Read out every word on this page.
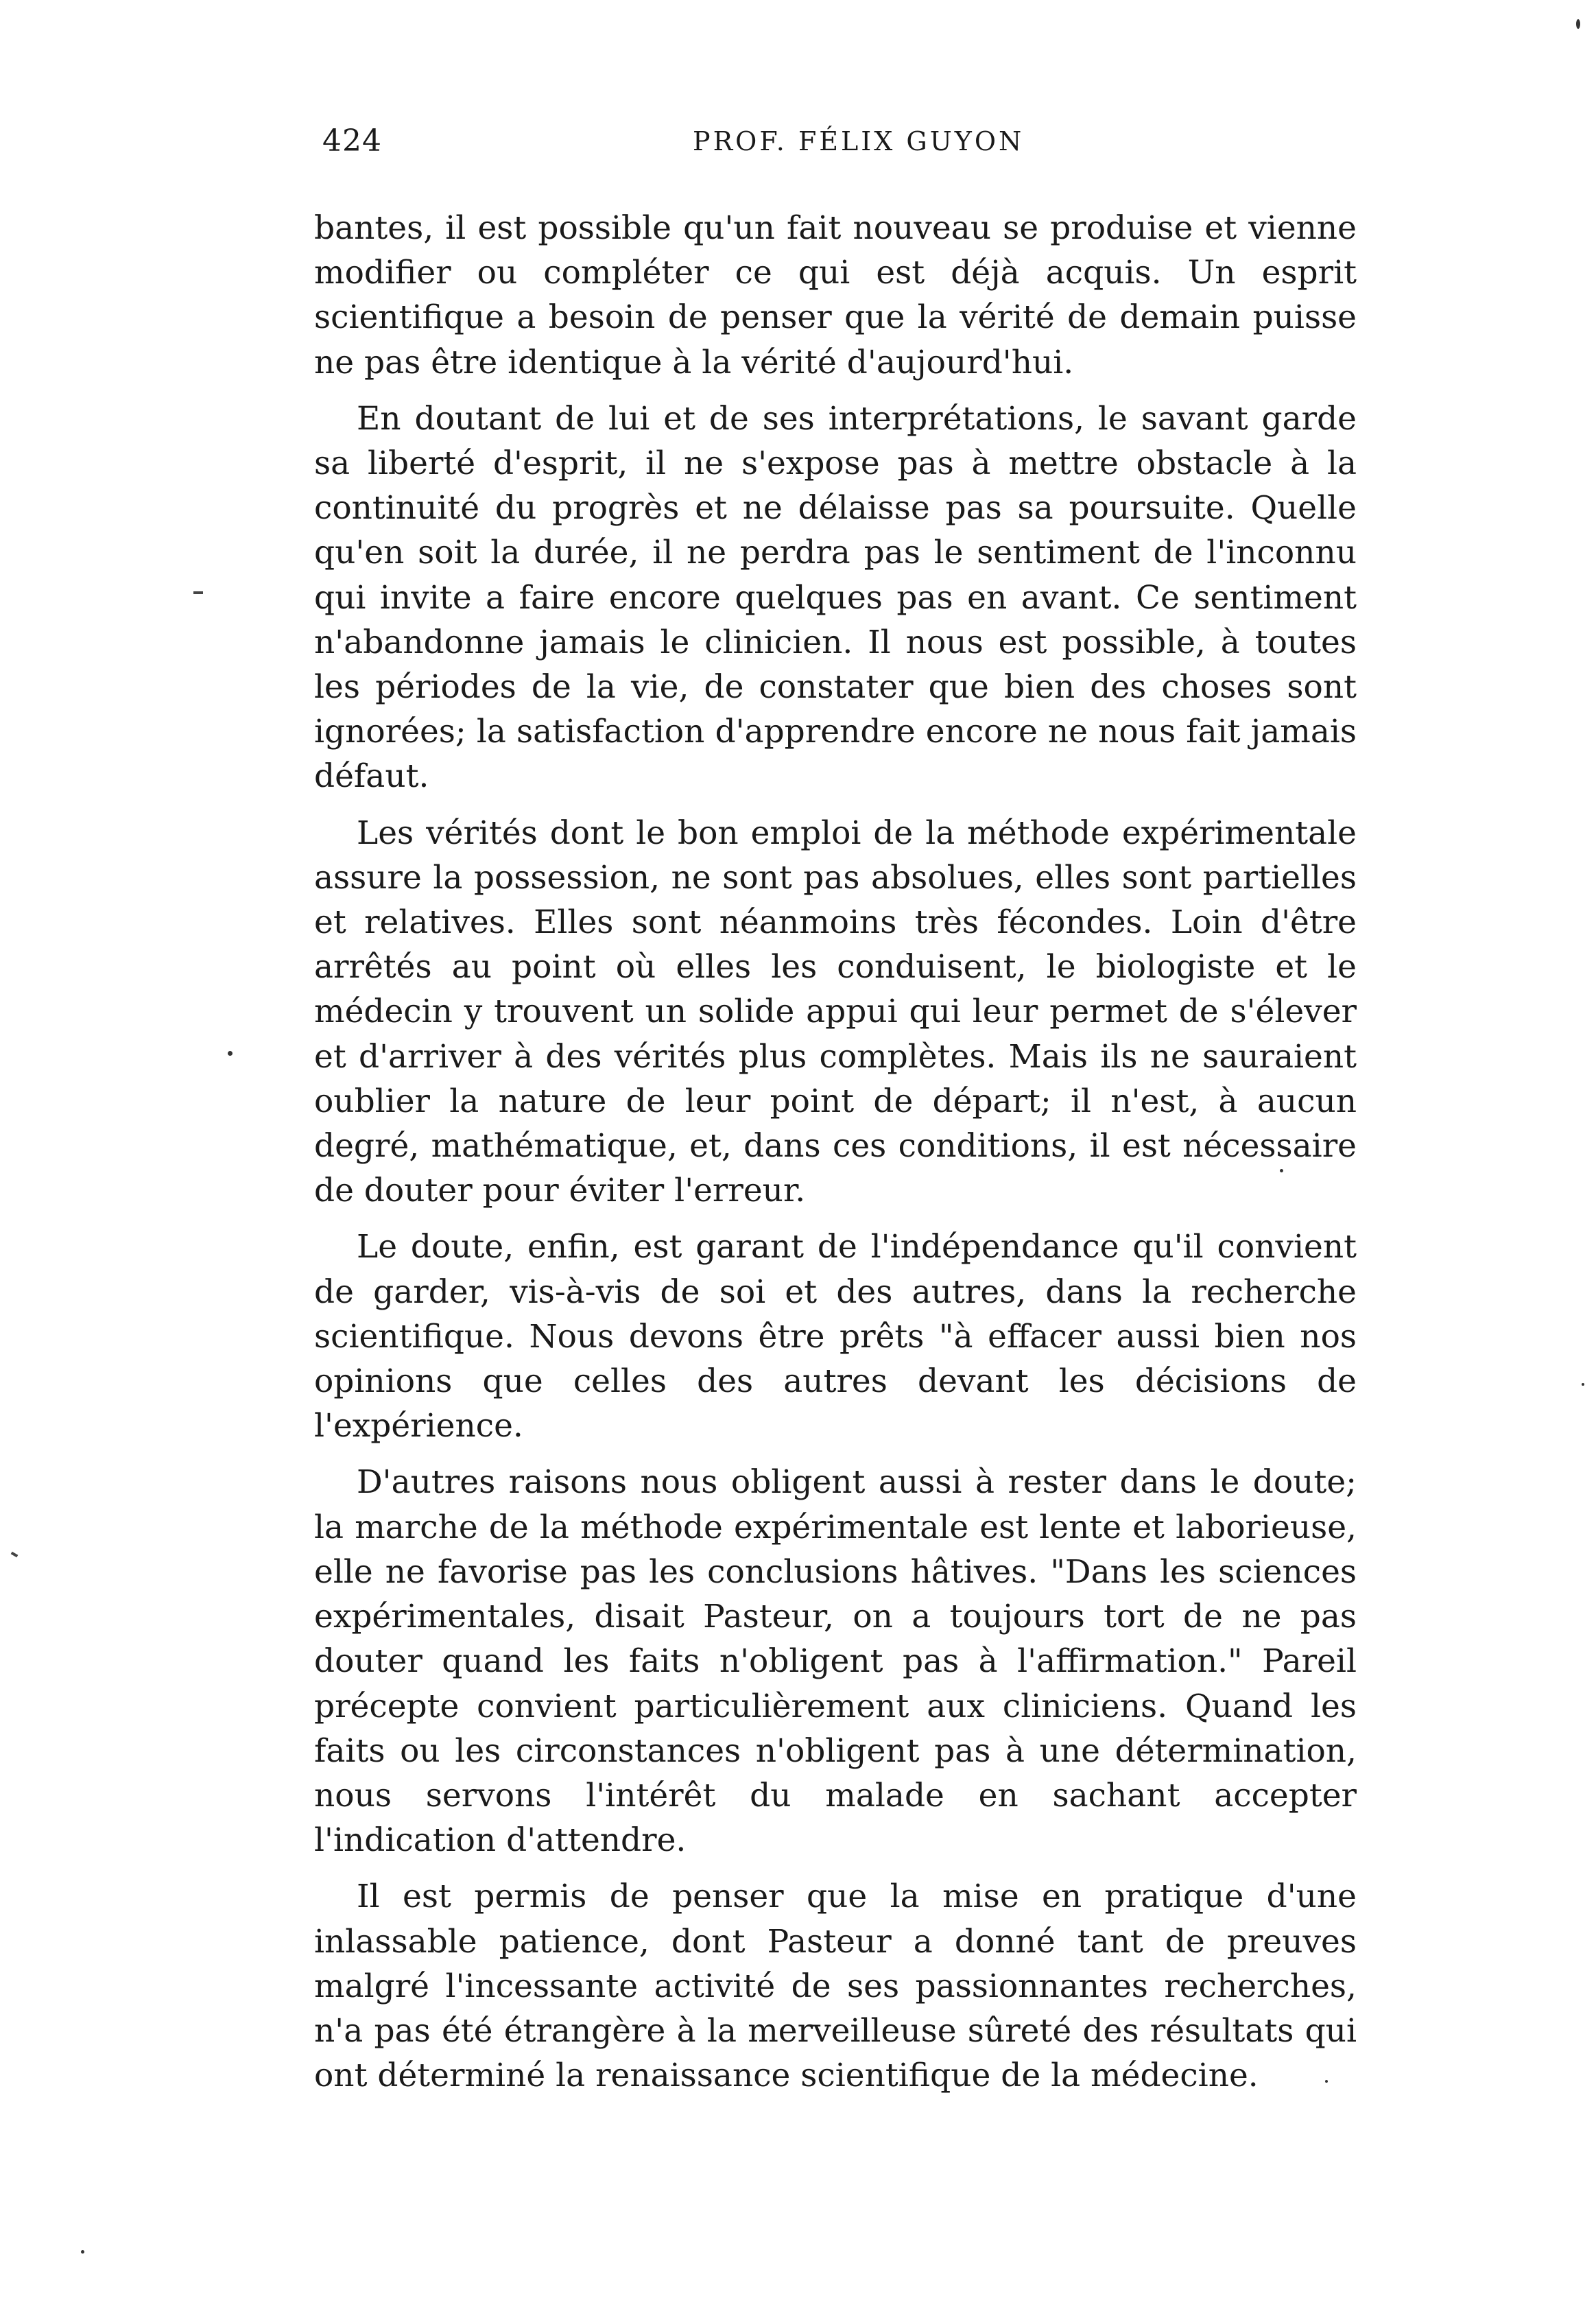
424	PROF. FÉLIX GUYON

bantes, il est possible qu'un fait nouveau se produise et vienne modifier ou compléter ce qui est déjà acquis. Un esprit scientifique a besoin de penser que la vérité de demain puisse ne pas être identique à la vérité d'aujourd'hui.

En doutant de lui et de ses interprétations, le savant garde sa liberté d'esprit, il ne s'expose pas à mettre obstacle à la continuité du progrès et ne délaisse pas sa poursuite. Quelle qu'en soit la durée, il ne perdra pas le sentiment de l'inconnu qui invite a faire encore quelques pas en avant. Ce sentiment n'abandonne jamais le clinicien. Il nous est possible, à toutes les périodes de la vie, de constater que bien des choses sont ignorées; la satisfaction d'apprendre encore ne nous fait jamais défaut.

Les vérités dont le bon emploi de la méthode expérimentale assure la possession, ne sont pas absolues, elles sont partielles et relatives. Elles sont néanmoins très fécondes. Loin d'être arrêtés au point où elles les conduisent, le biologiste et le médecin y trouvent un solide appui qui leur permet de s'élever et d'arriver à des vérités plus complètes. Mais ils ne sauraient oublier la nature de leur point de départ; il n'est, à aucun degré, mathématique, et, dans ces conditions, il est nécessaire de douter pour éviter l'erreur.

Le doute, enfin, est garant de l'indépendance qu'il convient de garder, vis-à-vis de soi et des autres, dans la recherche scientifique. Nous devons être prêts "à effacer aussi bien nos opinions que celles des autres devant les décisions de l'expérience.

D'autres raisons nous obligent aussi à rester dans le doute; la marche de la méthode expérimentale est lente et laborieuse, elle ne favorise pas les conclusions hâtives. "Dans les sciences expérimentales, disait Pasteur, on a toujours tort de ne pas douter quand les faits n'obligent pas à l'affirmation." Pareil précepte convient particulièrement aux cliniciens. Quand les faits ou les circonstances n'obligent pas à une détermination, nous servons l'intérêt du malade en sachant accepter l'indication d'attendre.

Il est permis de penser que la mise en pratique d'une inlassable patience, dont Pasteur a donné tant de preuves malgré l'incessante activité de ses passionnantes recherches, n'a pas été étrangère à la merveilleuse sûreté des résultats qui ont déterminé la renaissance scientifique de la médecine.
